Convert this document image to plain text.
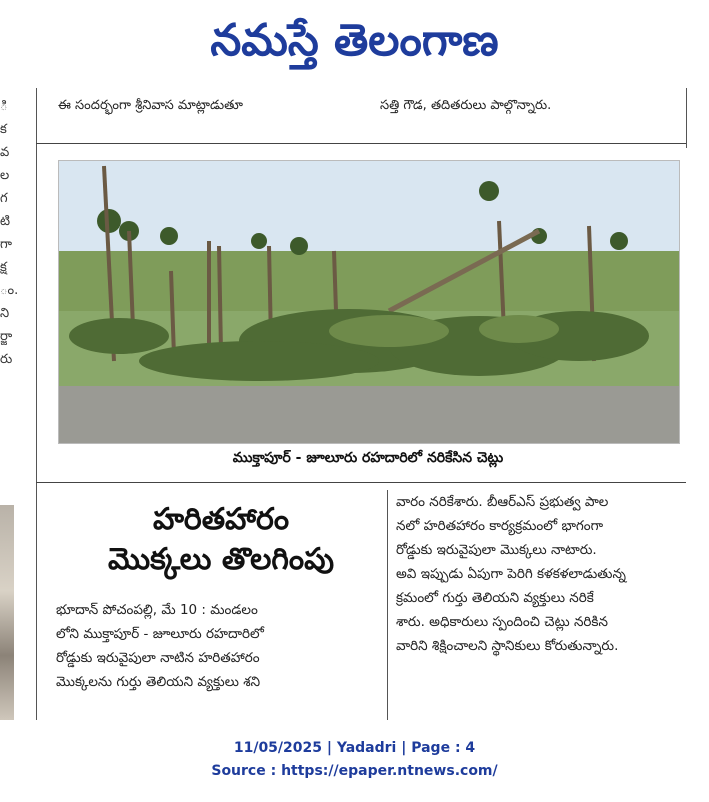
నమస్తే తెలంగాణ
ి
క
వ
ల
గ
టి
గా
క్ష
ం.
ని
ర్జా
రు
ఈ సందర్భంగా శ్రీనివాస మాట్లాడుతూ	సత్తి గౌడ, తదితరులు పాల్గొన్నారు.
ముక్తాపూర్ - జూలూరు రహదారిలో నరికేసిన చెట్లు
హరితహారం
మొక్కలు తొలగింపు
భూదాన్ పోచంపల్లి, మే 10 : మండలం
లోని ముక్తాపూర్ - జూలూరు రహదారిలో
రోడ్డుకు ఇరువైపులా నాటిన హరితహారం
మొక్కలను గుర్తు తెలియని వ్యక్తులు శని
వారం నరికేశారు. బీఆర్ఎస్ ప్రభుత్వ పాల
నలో హరితహారం కార్యక్రమంలో భాగంగా
రోడ్డుకు ఇరువైపులా మొక్కలు నాటారు.
అవి ఇప్పుడు ఏపుగా పెరిగి కళకళలాడుతున్న
క్రమంలో గుర్తు తెలియని వ్యక్తులు నరికే
శారు. అధికారులు స్పందించి చెట్లు నరికిన
వారిని శిక్షించాలని స్థానికులు కోరుతున్నారు.
11/05/2025 | Yadadri | Page : 4
Source : https://epaper.ntnews.com/
